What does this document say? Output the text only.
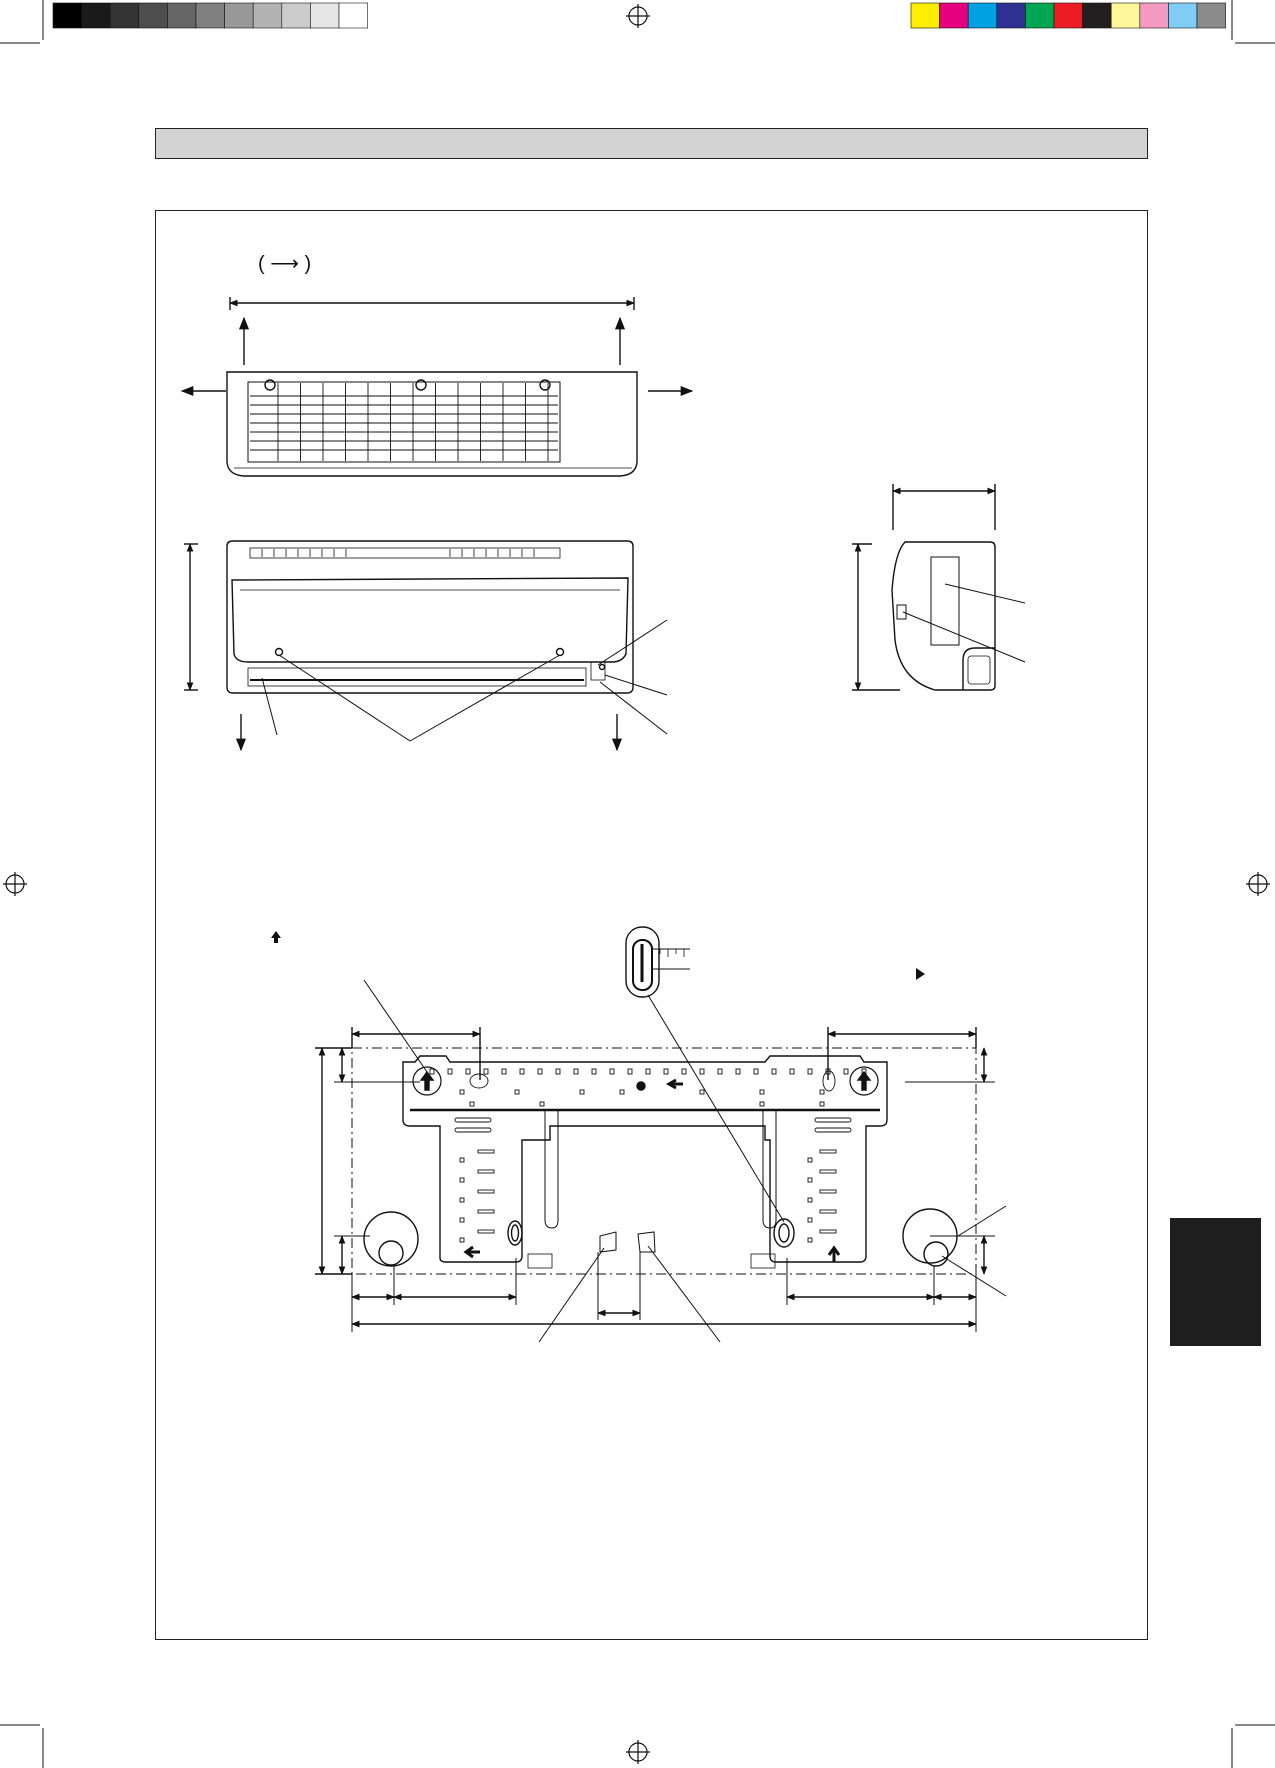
( ⟶ )
